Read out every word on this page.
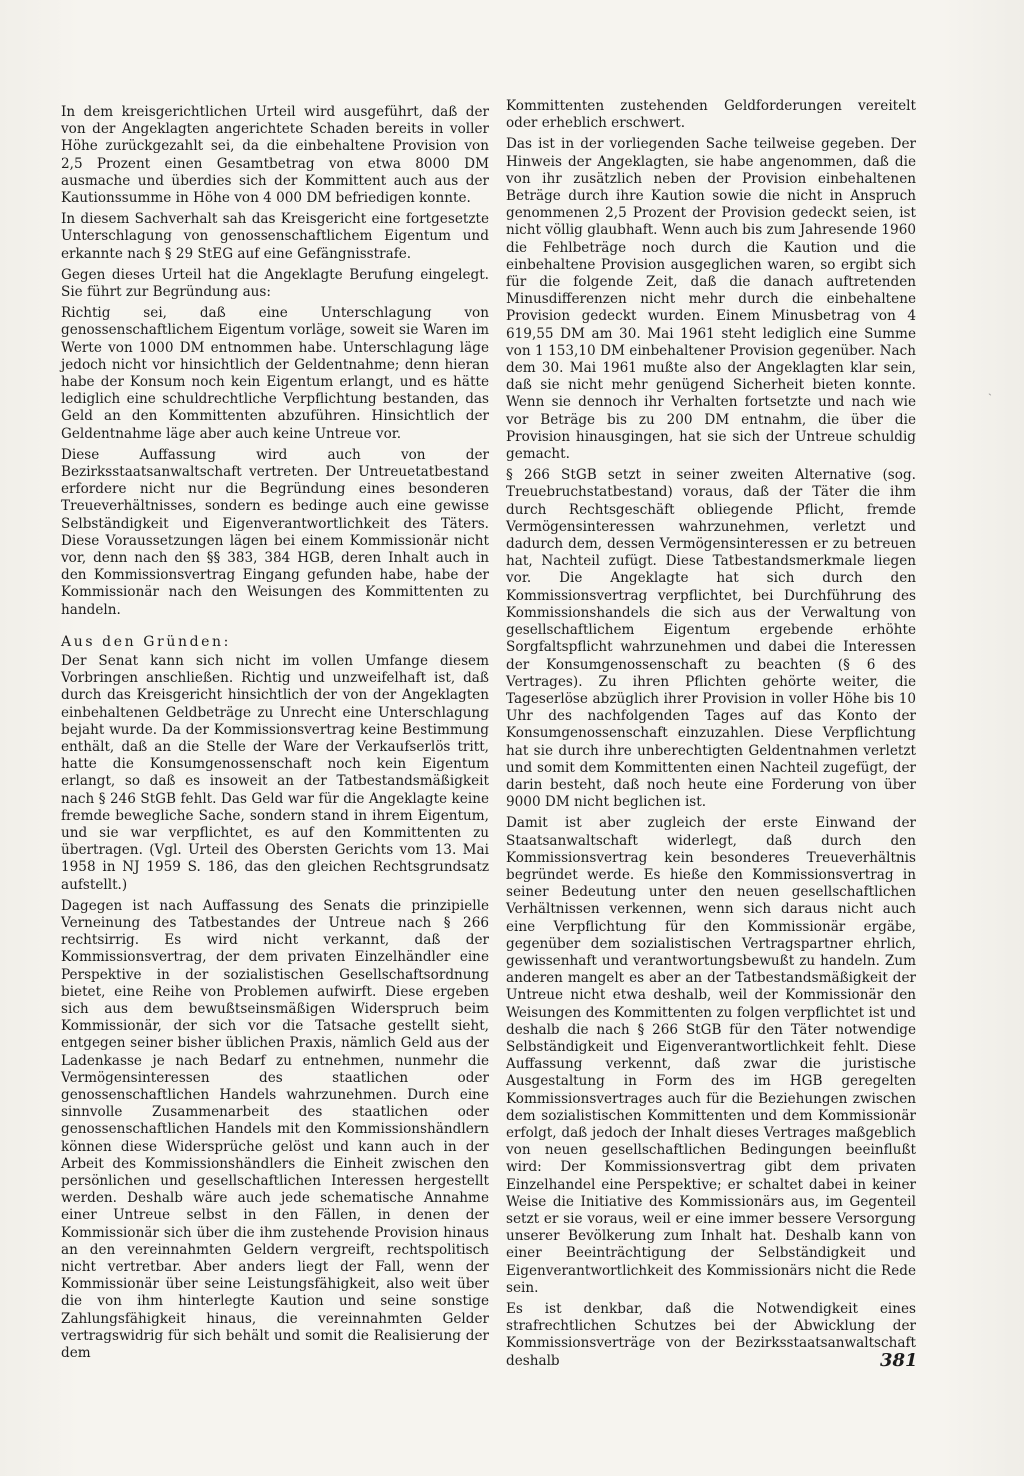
In dem kreisgerichtlichen Urteil wird ausgeführt, daß der von der Angeklagten angerichtete Schaden bereits in voller Höhe zurückgezahlt sei, da die einbehaltene Provision von 2,5 Prozent einen Gesamtbetrag von etwa 8000 DM ausmache und überdies sich der Kommittent auch aus der Kautionssumme in Höhe von 4 000 DM befriedigen konnte.

In diesem Sachverhalt sah das Kreisgericht eine fortgesetzte Unterschlagung von genossenschaftlichem Eigentum und erkannte nach § 29 StEG auf eine Gefängnisstrafe.

Gegen dieses Urteil hat die Angeklagte Berufung eingelegt. Sie führt zur Begründung aus:

Richtig sei, daß eine Unterschlagung von genossenschaftlichem Eigentum vorläge, soweit sie Waren im Werte von 1000 DM entnommen habe. Unterschlagung läge jedoch nicht vor hinsichtlich der Geldentnahme; denn hieran habe der Konsum noch kein Eigentum erlangt, und es hätte lediglich eine schuldrechtliche Verpflichtung bestanden, das Geld an den Kommittenten abzuführen. Hinsichtlich der Geldentnahme läge aber auch keine Untreue vor.

Diese Auffassung wird auch von der Bezirksstaatsanwaltschaft vertreten. Der Untreuetatbestand erfordere nicht nur die Begründung eines besonderen Treueverhältnisses, sondern es bedinge auch eine gewisse Selbständigkeit und Eigenverantwortlichkeit des Täters. Diese Voraussetzungen lägen bei einem Kommissionär nicht vor, denn nach den §§ 383, 384 HGB, deren Inhalt auch in den Kommissionsvertrag Eingang gefunden habe, habe der Kommissionär nach den Weisungen des Kommittenten zu handeln.

Aus den Gründen:

Der Senat kann sich nicht im vollen Umfange diesem Vorbringen anschließen. Richtig und unzweifelhaft ist, daß durch das Kreisgericht hinsichtlich der von der Angeklagten einbehaltenen Geldbeträge zu Unrecht eine Unterschlagung bejaht wurde. Da der Kommissionsvertrag keine Bestimmung enthält, daß an die Stelle der Ware der Verkaufserlös tritt, hatte die Konsumgenossenschaft noch kein Eigentum erlangt, so daß es insoweit an der Tatbestandsmäßigkeit nach § 246 StGB fehlt. Das Geld war für die Angeklagte keine fremde bewegliche Sache, sondern stand in ihrem Eigentum, und sie war verpflichtet, es auf den Kommittenten zu übertragen. (Vgl. Urteil des Obersten Gerichts vom 13. Mai 1958 in NJ 1959 S. 186, das den gleichen Rechtsgrundsatz aufstellt.)

Dagegen ist nach Auffassung des Senats die prinzipielle Verneinung des Tatbestandes der Untreue nach § 266 rechtsirrig. Es wird nicht verkannt, daß der Kommissionsvertrag, der dem privaten Einzelhändler eine Perspektive in der sozialistischen Gesellschaftsordnung bietet, eine Reihe von Problemen aufwirft. Diese ergeben sich aus dem bewußtseinsmäßigen Widerspruch beim Kommissionär, der sich vor die Tatsache gestellt sieht, entgegen seiner bisher üblichen Praxis, nämlich Geld aus der Ladenkasse je nach Bedarf zu entnehmen, nunmehr die Vermögensinteressen des staatlichen oder genossenschaftlichen Handels wahrzunehmen. Durch eine sinnvolle Zusammenarbeit des staatlichen oder genossenschaftlichen Handels mit den Kommissionshändlern können diese Widersprüche gelöst und kann auch in der Arbeit des Kommissionshändlers die Einheit zwischen den persönlichen und gesellschaftlichen Interessen hergestellt werden. Deshalb wäre auch jede schematische Annahme einer Untreue selbst in den Fällen, in denen der Kommissionär sich über die ihm zustehende Provision hinaus an den vereinnahmten Geldern vergreift, rechtspolitisch nicht vertretbar. Aber anders liegt der Fall, wenn der Kommissionär über seine Leistungsfähigkeit, also weit über die von ihm hinterlegte Kaution und seine sonstige Zahlungsfähigkeit hinaus, die vereinnahmten Gelder vertragswidrig für sich behält und somit die Realisierung der dem

Kommittenten zustehenden Geldforderungen vereitelt oder erheblich erschwert.

Das ist in der vorliegenden Sache teilweise gegeben. Der Hinweis der Angeklagten, sie habe angenommen, daß die von ihr zusätzlich neben der Provision einbehaltenen Beträge durch ihre Kaution sowie die nicht in Anspruch genommenen 2,5 Prozent der Provision gedeckt seien, ist nicht völlig glaubhaft. Wenn auch bis zum Jahresende 1960 die Fehlbeträge noch durch die Kaution und die einbehaltene Provision ausgeglichen waren, so ergibt sich für die folgende Zeit, daß die danach auftretenden Minusdifferenzen nicht mehr durch die einbehaltene Provision gedeckt wurden. Einem Minusbetrag von 4 619,55 DM am 30. Mai 1961 steht lediglich eine Summe von 1 153,10 DM einbehaltener Provision gegenüber. Nach dem 30. Mai 1961 mußte also der Angeklagten klar sein, daß sie nicht mehr genügend Sicherheit bieten konnte. Wenn sie dennoch ihr Verhalten fortsetzte und nach wie vor Beträge bis zu 200 DM entnahm, die über die Provision hinausgingen, hat sie sich der Untreue schuldig gemacht.

§ 266 StGB setzt in seiner zweiten Alternative (sog. Treuebruchstatbestand) voraus, daß der Täter die ihm durch Rechtsgeschäft obliegende Pflicht, fremde Vermögensinteressen wahrzunehmen, verletzt und dadurch dem, dessen Vermögensinteressen er zu betreuen hat, Nachteil zufügt. Diese Tatbestandsmerkmale liegen vor. Die Angeklagte hat sich durch den Kommissionsvertrag verpflichtet, bei Durchführung des Kommissionshandels die sich aus der Verwaltung von gesellschaftlichem Eigentum ergebende erhöhte Sorgfaltspflicht wahrzunehmen und dabei die Interessen der Konsumgenossenschaft zu beachten (§ 6 des Vertrages). Zu ihren Pflichten gehörte weiter, die Tageserlöse abzüglich ihrer Provision in voller Höhe bis 10 Uhr des nachfolgenden Tages auf das Konto der Konsumgenossenschaft einzuzahlen. Diese Verpflichtung hat sie durch ihre unberechtigten Geldentnahmen verletzt und somit dem Kommittenten einen Nachteil zugefügt, der darin besteht, daß noch heute eine Forderung von über 9000 DM nicht beglichen ist.

Damit ist aber zugleich der erste Einwand der Staatsanwaltschaft widerlegt, daß durch den Kommissionsvertrag kein besonderes Treueverhältnis begründet werde. Es hieße den Kommissionsvertrag in seiner Bedeutung unter den neuen gesellschaftlichen Verhältnissen verkennen, wenn sich daraus nicht auch eine Verpflichtung für den Kommissionär ergäbe, gegenüber dem sozialistischen Vertragspartner ehrlich, gewissenhaft und verantwortungsbewußt zu handeln. Zum anderen mangelt es aber an der Tatbestandsmäßigkeit der Untreue nicht etwa deshalb, weil der Kommissionär den Weisungen des Kommittenten zu folgen verpflichtet ist und deshalb die nach § 266 StGB für den Täter notwendige Selbständigkeit und Eigenverantwortlichkeit fehlt. Diese Auffassung verkennt, daß zwar die juristische Ausgestaltung in Form des im HGB geregelten Kommissionsvertrages auch für die Beziehungen zwischen dem sozialistischen Kommittenten und dem Kommissionär erfolgt, daß jedoch der Inhalt dieses Vertrages maßgeblich von neuen gesellschaftlichen Bedingungen beeinflußt wird: Der Kommissionsvertrag gibt dem privaten Einzelhandel eine Perspektive; er schaltet dabei in keiner Weise die Initiative des Kommissionärs aus, im Gegenteil setzt er sie voraus, weil er eine immer bessere Versorgung unserer Bevölkerung zum Inhalt hat. Deshalb kann von einer Beeinträchtigung der Selbständigkeit und Eigenverantwortlichkeit des Kommissionärs nicht die Rede sein.

Es ist denkbar, daß die Notwendigkeit eines strafrechtlichen Schutzes bei der Abwicklung der Kommissionsverträge von der Bezirksstaatsanwaltschaft deshalb	381
ˎ
